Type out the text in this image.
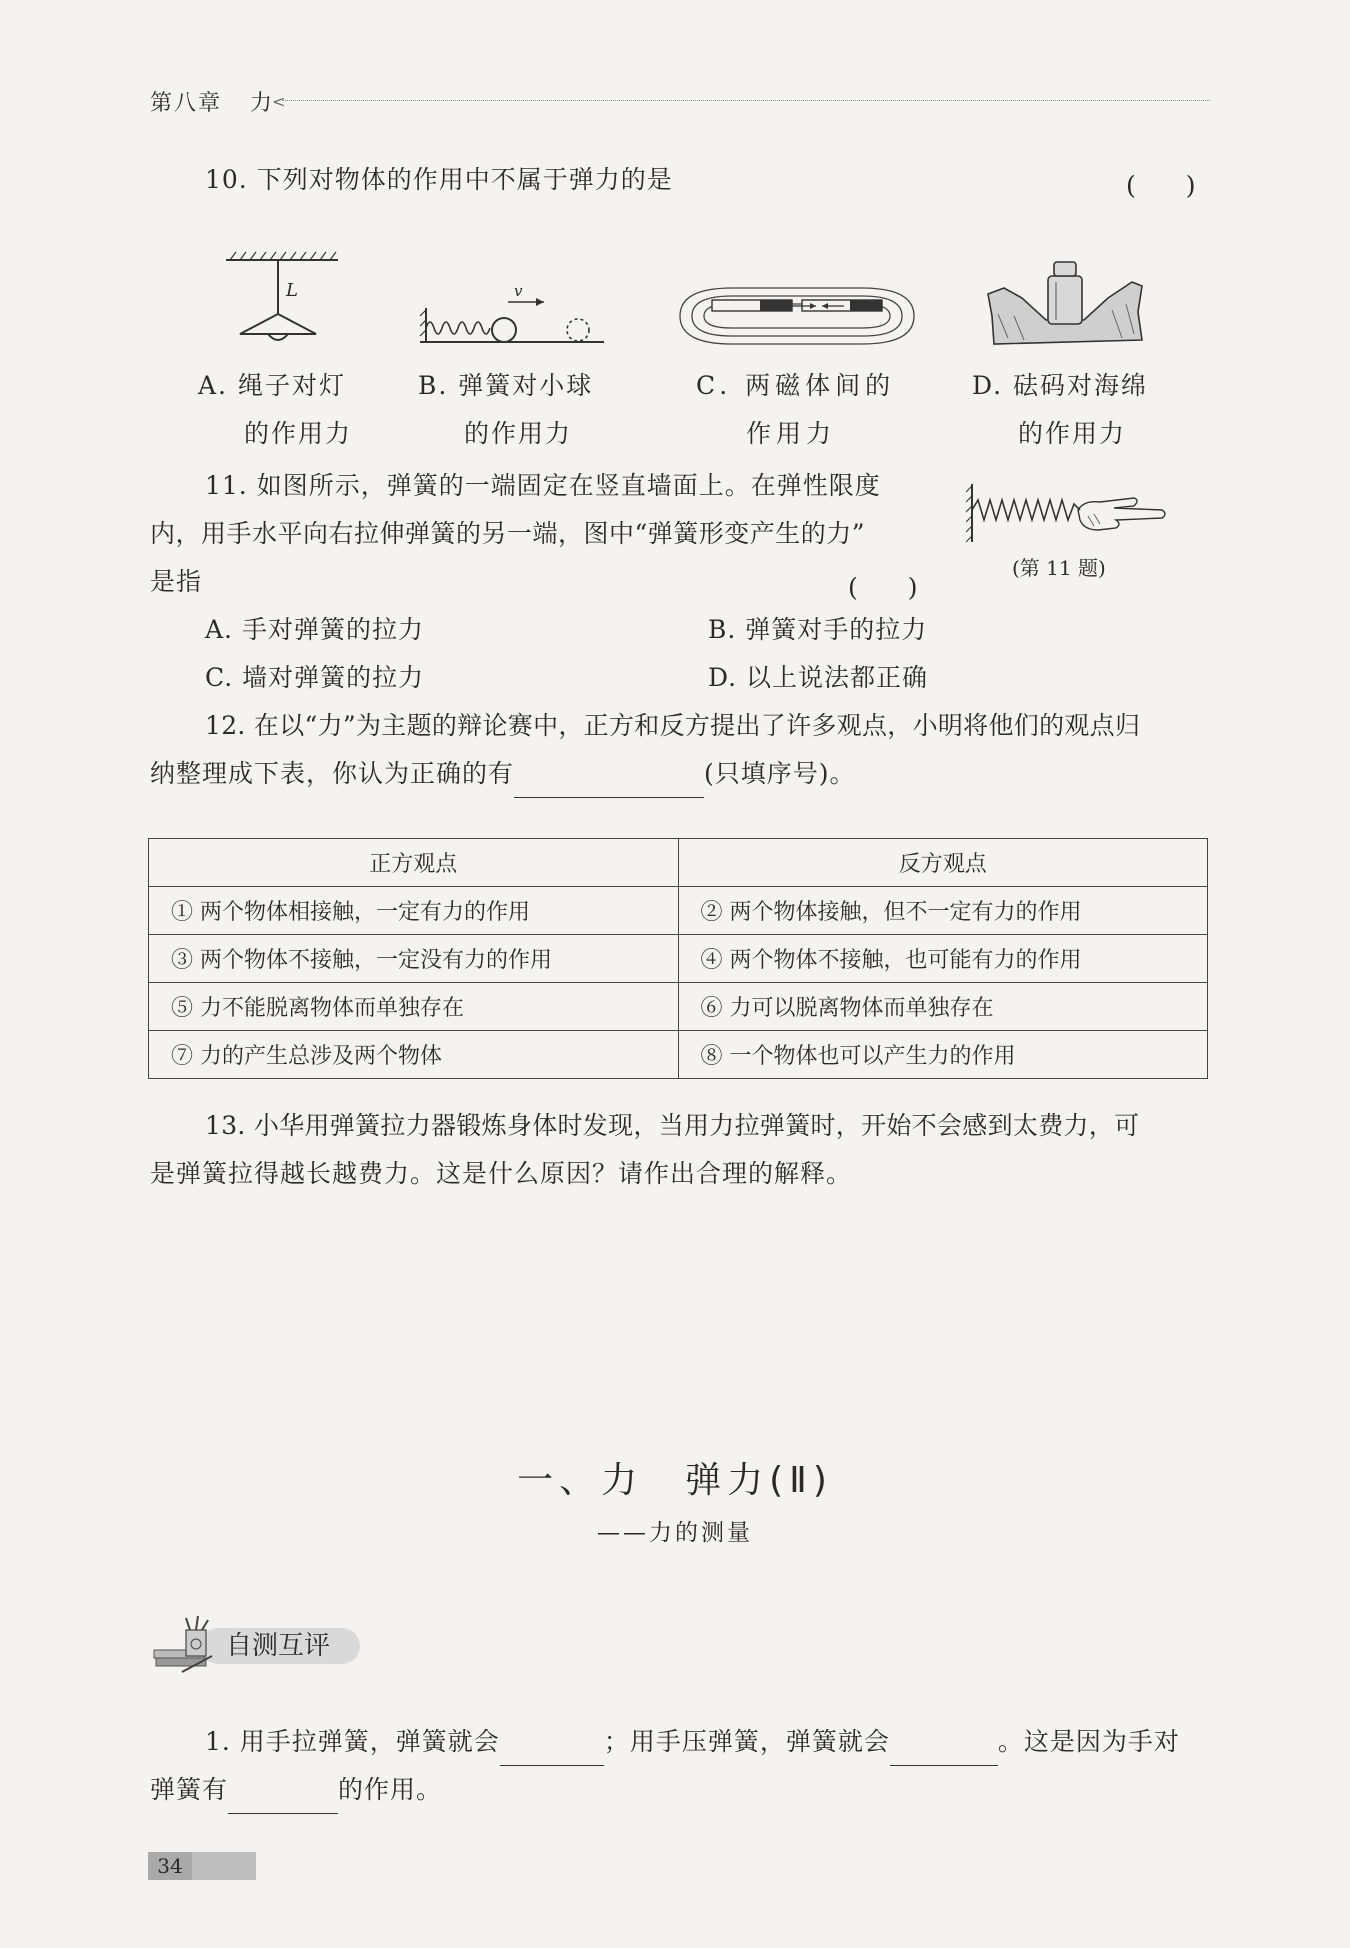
第八章 力
<
10. 下列对物体的作用中不属于弹力的是	(　　)
L	v
A. 绳子对灯
的作用力
B. 弹簧对小球
的作用力
C. 两磁体间的
作用力
D. 砝码对海绵
的作用力
11. 如图所示，弹簧的一端固定在竖直墙面上。在弹性限度
内，用手水平向右拉伸弹簧的另一端，图中“弹簧形变产生的力”
是指	(　　)
(第 11 题)
A. 手对弹簧的拉力	B. 弹簧对手的拉力
C. 墙对弹簧的拉力	D. 以上说法都正确
12. 在以“力”为主题的辩论赛中，正方和反方提出了许多观点，小明将他们的观点归
纳整理成下表，你认为正确的有	(只填序号)。
正方观点	反方观点
① 两个物体相接触，一定有力的作用	② 两个物体接触，但不一定有力的作用
③ 两个物体不接触，一定没有力的作用	④ 两个物体不接触，也可能有力的作用
⑤ 力不能脱离物体而单独存在	⑥ 力可以脱离物体而单独存在
⑦ 力的产生总涉及两个物体	⑧ 一个物体也可以产生力的作用
13. 小华用弹簧拉力器锻炼身体时发现，当用力拉弹簧时，开始不会感到太费力，可
是弹簧拉得越长越费力。这是什么原因？请作出合理的解释。
一、力　弹力(Ⅱ)
——力的测量
自测互评
1. 用手拉弹簧，弹簧就会	；用手压弹簧，弹簧就会	。这是因为手对
弹簧有	的作用。
34
